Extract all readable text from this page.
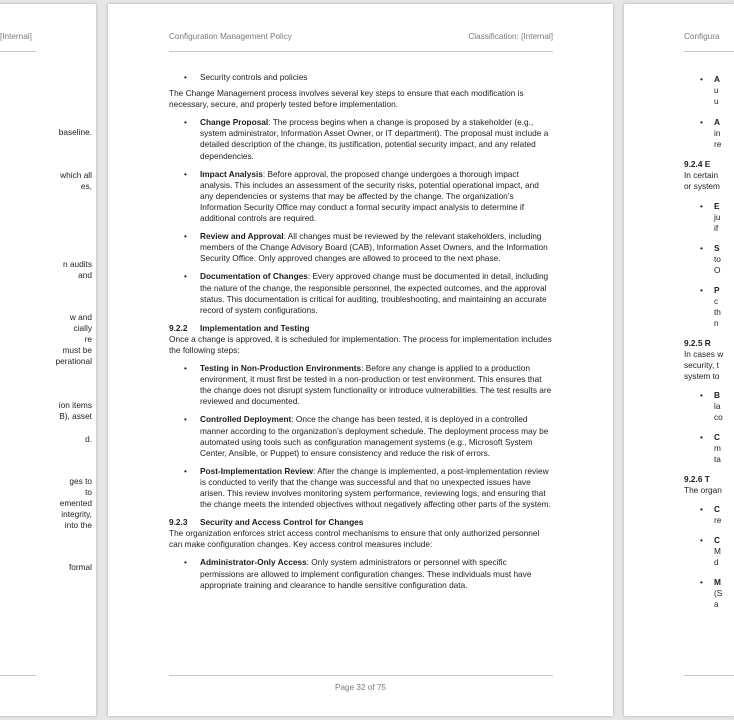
[Internal]
baseline.
which all
es,
n audits
and
w and
cially
re
must be
perational
ion items
B), asset
d.
ges to
to
emented
integrity,
into the
formal
Configuration Management Policy	Classification: [Internal]

• Security controls and policies

The Change Management process involves several key steps to ensure that each modification is necessary, secure, and properly tested before implementation.

• Change Proposal: The process begins when a change is proposed by a stakeholder (e.g., system administrator, Information Asset Owner, or IT department). The proposal must include a detailed description of the change, its justification, potential security impact, and any related dependencies.

• Impact Analysis: Before approval, the proposed change undergoes a thorough impact analysis. This includes an assessment of the security risks, potential operational impact, and any dependencies or systems that may be affected by the change. The organization’s Information Security Office may conduct a formal security impact analysis to determine if additional controls are required.

• Review and Approval: All changes must be reviewed by the relevant stakeholders, including members of the Change Advisory Board (CAB), Information Asset Owners, and the Information Security Office. Only approved changes are allowed to proceed to the next phase.

• Documentation of Changes: Every approved change must be documented in detail, including the nature of the change, the responsible personnel, the expected outcomes, and the approval status. This documentation is critical for auditing, troubleshooting, and maintaining an accurate record of system configurations.

9.2.2 Implementation and Testing

Once a change is approved, it is scheduled for implementation. The process for implementation includes the following steps:

• Testing in Non-Production Environments: Before any change is applied to a production environment, it must first be tested in a non-production or test environment. This ensures that the change does not disrupt system functionality or introduce vulnerabilities. The test results are reviewed and documented.

• Controlled Deployment: Once the change has been tested, it is deployed in a controlled manner according to the organization’s deployment schedule. The deployment process may be automated using tools such as configuration management systems (e.g., Microsoft System Center, Ansible, or Puppet) to ensure consistency and reduce the risk of errors.

• Post-Implementation Review: After the change is implemented, a post-implementation review is conducted to verify that the change was successful and that no unexpected issues have arisen. This review involves monitoring system performance, reviewing logs, and ensuring that the change meets the intended objectives without negatively affecting other parts of the system.

9.2.3 Security and Access Control for Changes

The organization enforces strict access control mechanisms to ensure that only authorized personnel can make configuration changes. Key access control measures include:

• Administrator-Only Access: Only system administrators or personnel with specific permissions are allowed to implement configuration changes. These individuals must have appropriate training and clearance to handle sensitive configuration data.

Page 32 of 75
Configura
A
u
u
A
in
re
9.2.4 E
In certain
or system
E
ju
if
S
to
O
P
c
th
n
9.2.5 R
In cases w
security, t
system to
B
la
co
C
m
ta
9.2.6 T
The organ
C
re
C
M
d
M
(S
a
•
•
•
•
•
•
•
•
•
•
